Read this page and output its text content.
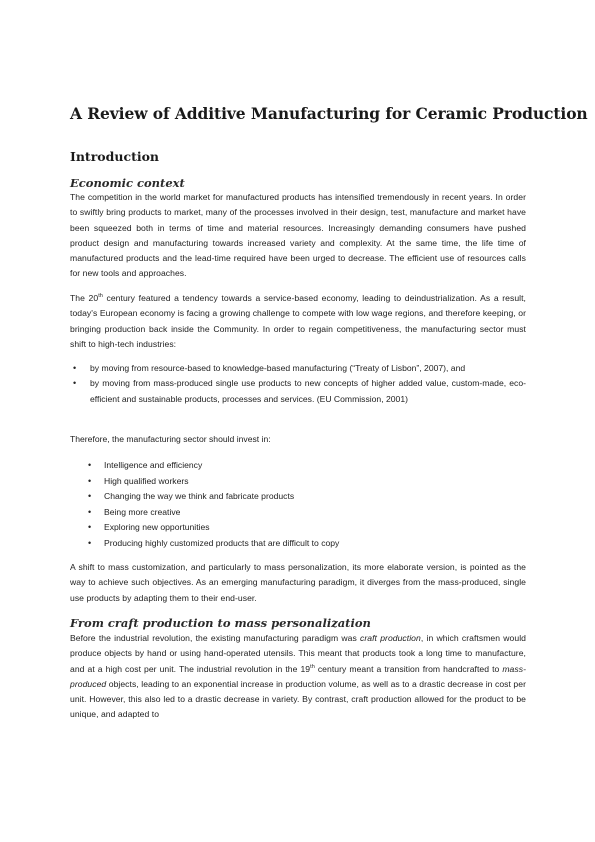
A Review of Additive Manufacturing for Ceramic Production
Introduction
Economic context

The competition in the world market for manufactured products has intensified tremendously in recent years. In order to swiftly bring products to market, many of the processes involved in their design, test, manufacture and market have been squeezed both in terms of time and material resources. Increasingly demanding consumers have pushed product design and manufacturing towards increased variety and complexity. At the same time, the life time of manufactured products and the lead-time required have been urged to decrease. The efficient use of resources calls for new tools and approaches.

The 20th century featured a tendency towards a service-based economy, leading to deindustrialization. As a result, today's European economy is facing a growing challenge to compete with low wage regions, and therefore keeping, or bringing production back inside the Community. In order to regain competitiveness, the manufacturing sector must shift to high-tech industries:

• by moving from resource-based to knowledge-based manufacturing (“Treaty of Lisbon”, 2007), and
• by moving from mass-produced single use products to new concepts of higher added value, custom-made, eco-efficient and sustainable products, processes and services. (EU Commission, 2001)

Therefore, the manufacturing sector should invest in:

• Intelligence and efficiency
• High qualified workers
• Changing the way we think and fabricate products
• Being more creative
• Exploring new opportunities
• Producing highly customized products that are difficult to copy

A shift to mass customization, and particularly to mass personalization, its more elaborate version, is pointed as the way to achieve such objectives. As an emerging manufacturing paradigm, it diverges from the mass-produced, single use products by adapting them to their end-user.

From craft production to mass personalization

Before the industrial revolution, the existing manufacturing paradigm was craft production, in which craftsmen would produce objects by hand or using hand-operated utensils. This meant that products took a long time to manufacture, and at a high cost per unit. The industrial revolution in the 19th century meant a transition from handcrafted to mass-produced objects, leading to an exponential increase in production volume, as well as to a drastic decrease in cost per unit. However, this also led to a drastic decrease in variety. By contrast, craft production allowed for the product to be unique, and adapted to
